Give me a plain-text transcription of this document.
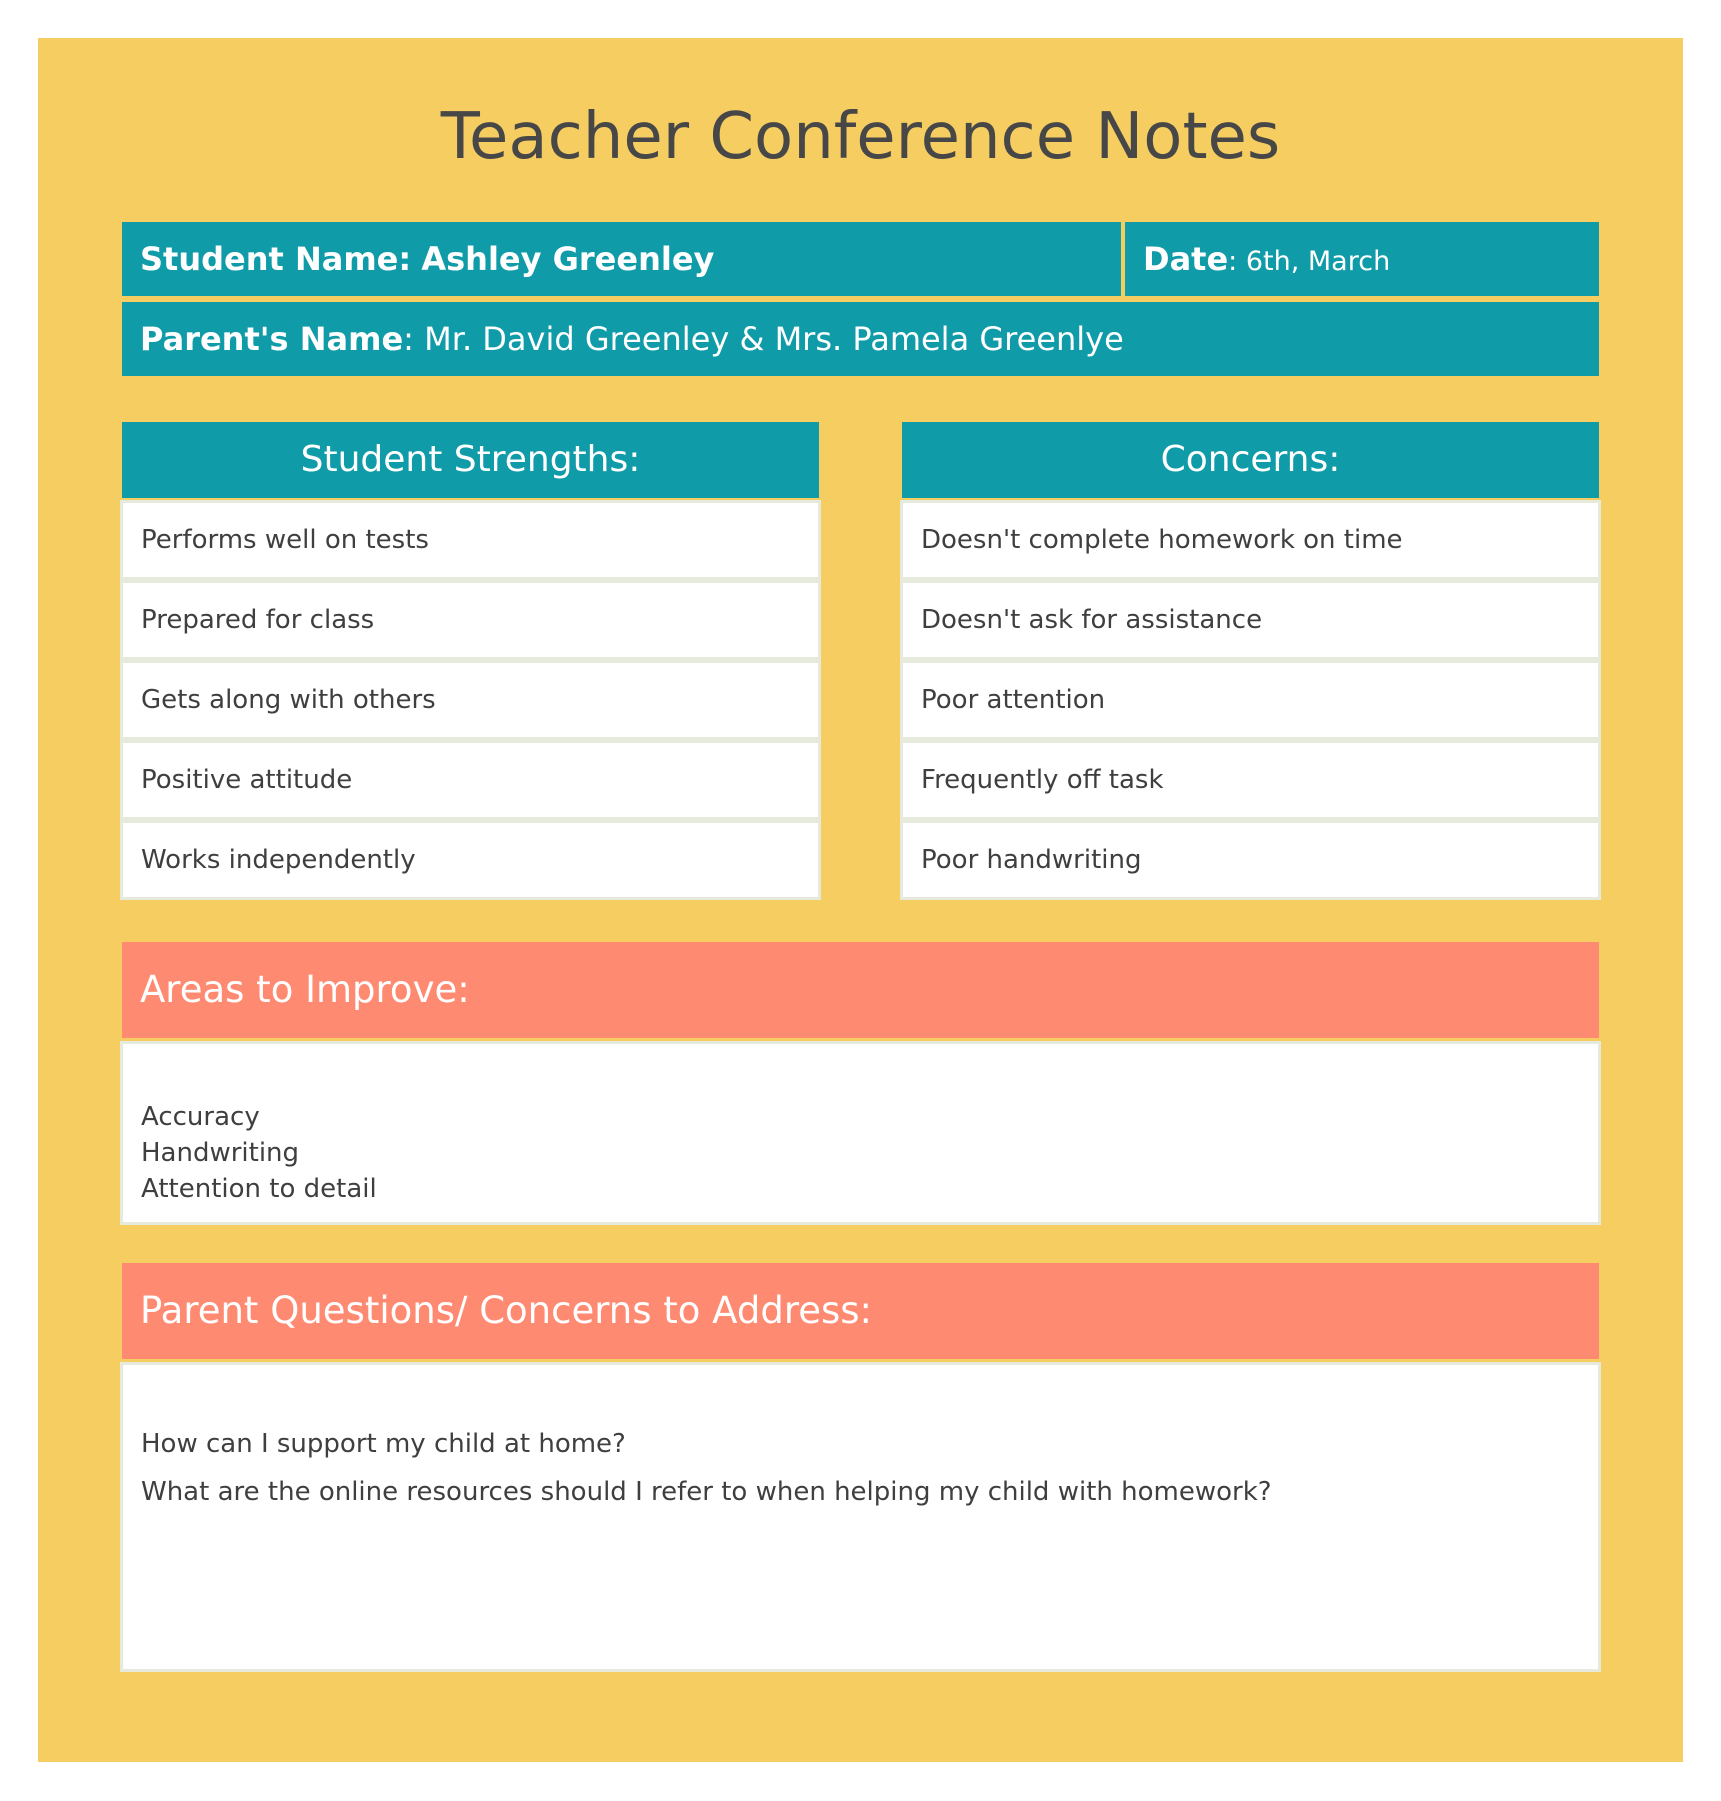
Teacher Conference Notes
Student Name: Ashley Greenley	Date: 6th, March
Parent's Name: Mr. David Greenley & Mrs. Pamela Greenlye
Student Strengths:
Performs well on tests
Prepared for class
Gets along with others
Positive attitude
Works independently
Concerns:
Doesn't complete homework on time
Doesn't ask for assistance
Poor attention
Frequently off task
Poor handwriting
Areas to Improve:
Accuracy
Handwriting
Attention to detail
Parent Questions/ Concerns to Address:
How can I support my child at home?
What are the online resources should I refer to when helping my child with homework?
